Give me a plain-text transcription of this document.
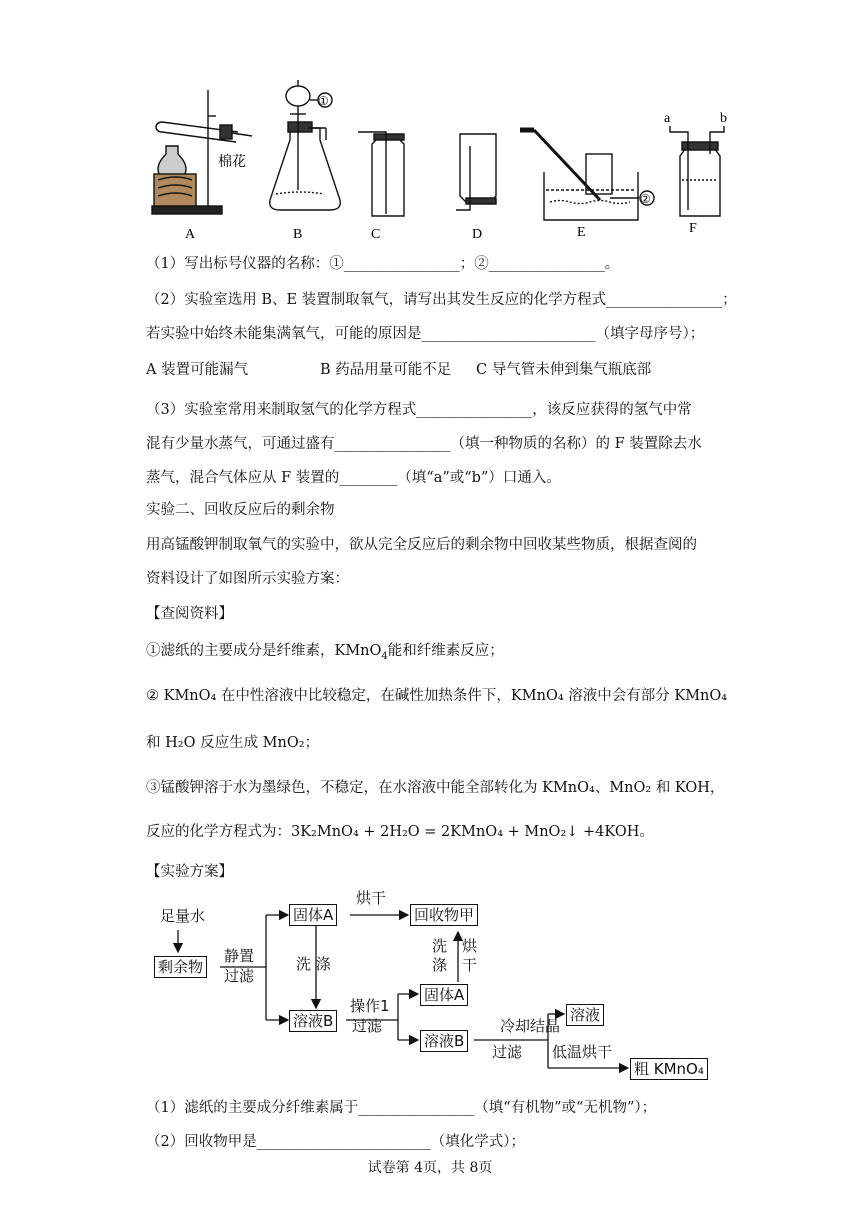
A	B	C	D	E	F
棉花
①
②
a	b
（1）写出标号仪器的名称：①________________；②________________。
（2）实验室选用 B、E 装置制取氧气，请写出其发生反应的化学方程式________________；
若实验中始终未能集满氧气，可能的原因是________________________（填字母序号）；
A 装置可能漏气	B 药品用量可能不足 C 导气管未伸到集气瓶底部
（3）实验室常用来制取氢气的化学方程式________________，该反应获得的氢气中常
混有少量水蒸气，可通过盛有________________（填一种物质的名称）的 F 装置除去水
蒸气，混合气体应从 F 装置的________（填“a”或“b”）口通入。
实验二、回收反应后的剩余物
用高锰酸钾制取氧气的实验中，欲从完全反应后的剩余物中回收某些物质，根据查阅的
资料设计了如图所示实验方案：
【查阅资料】
①滤纸的主要成分是纤维素，KMnO$_4$能和纤维素反应；
② KMnO₄ 在中性溶液中比较稳定，在碱性加热条件下，KMnO₄ 溶液中会有部分 KMnO₄
和 H₂O 反应生成 MnO₂；
③锰酸钾溶于水为墨绿色，不稳定，在水溶液中能全部转化为 KMnO₄、MnO₂ 和 KOH，
反应的化学方程式为：3K₂MnO₄ + 2H₂O = 2KMnO₄ + MnO₂↓ +4KOH。
【实验方案】
足量水
剩余物
静置
过滤
固体A
烘干
回收物甲
洗 涤
洗
涤
烘
干
溶液B
操作1
过滤
固体A
溶液B
冷却结晶
过滤
溶液
低温烘干
粗 KMnO₄
（1）滤纸的主要成分纤维素属于________________（填“有机物”或“无机物”）；
（2）回收物甲是________________________（填化学式）；
试卷第 4页，共 8页
